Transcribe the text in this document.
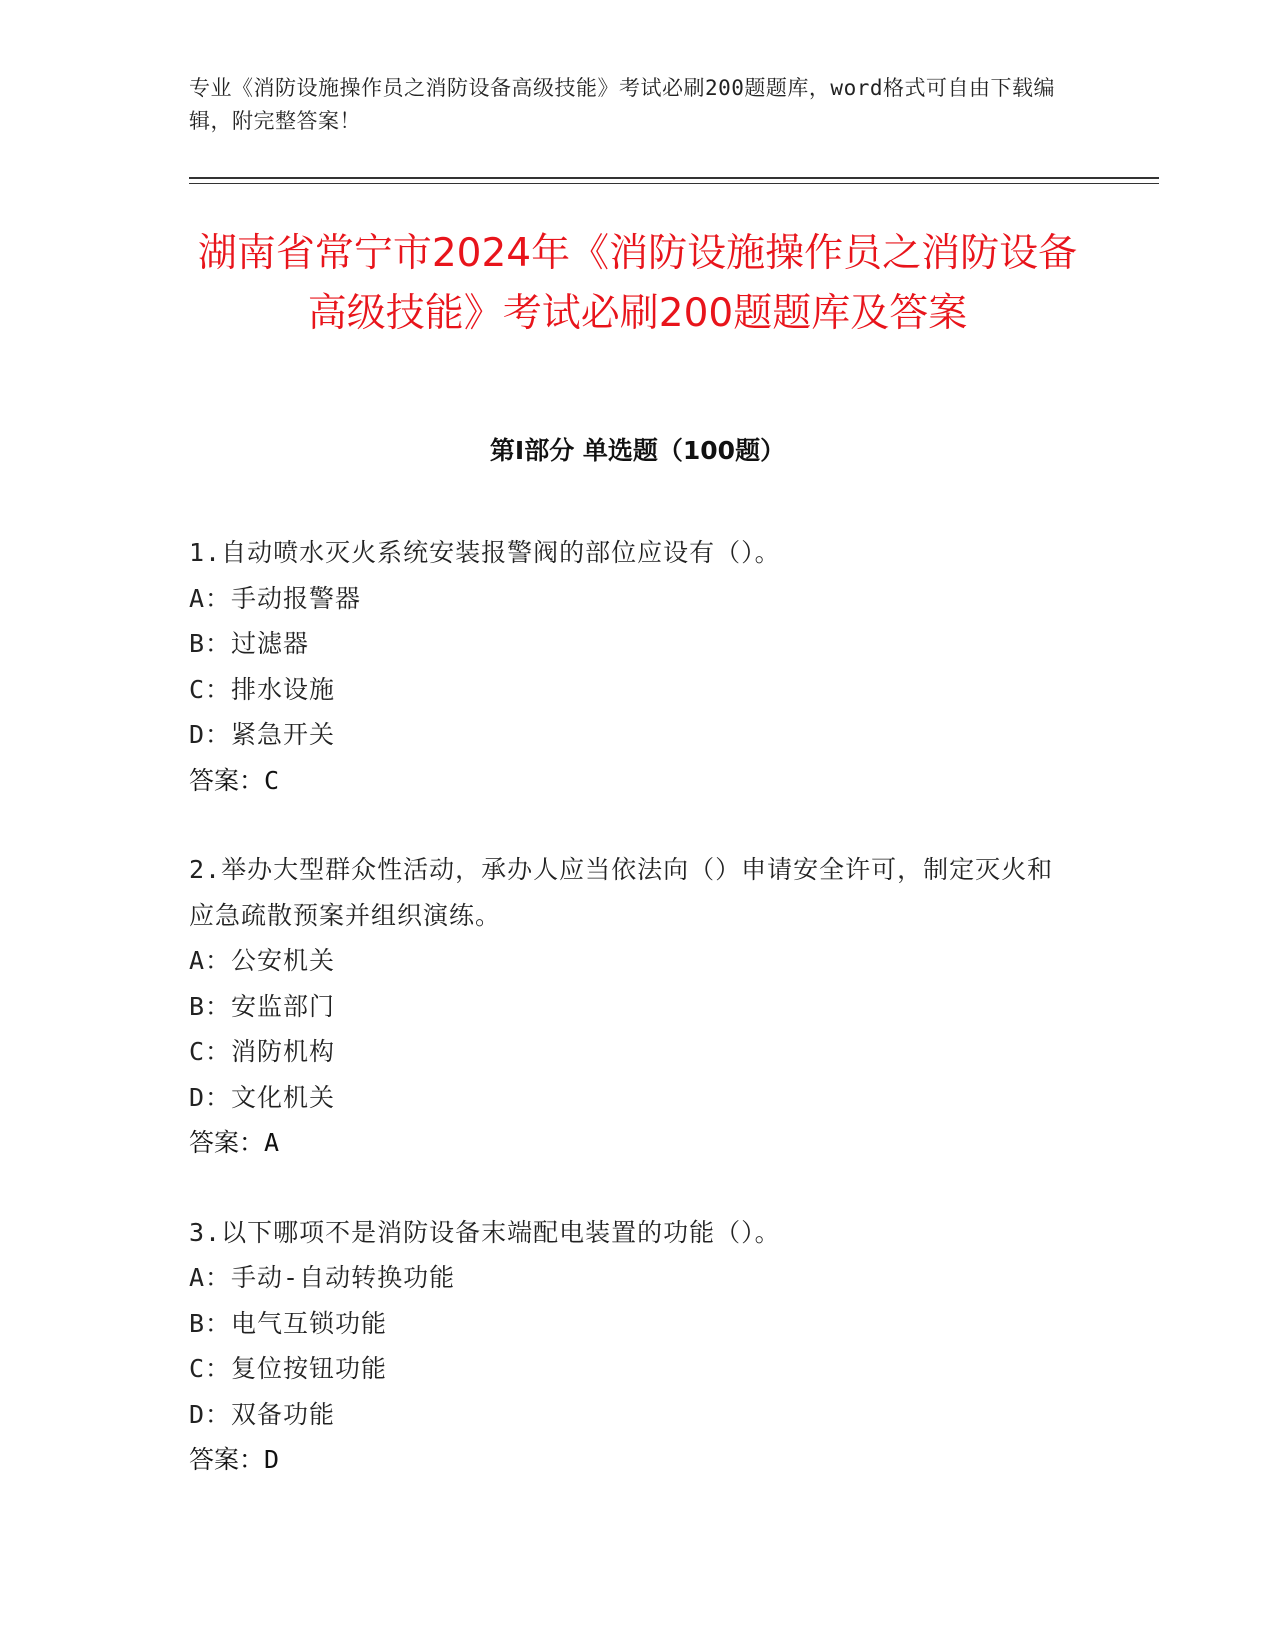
专业《消防设施操作员之消防设备高级技能》考试必刷200题题库，word格式可自由下载编辑，附完整答案！
湖南省常宁市2024年《消防设施操作员之消防设备高级技能》考试必刷200题题库及答案
第Ⅰ部分 单选题（100题）
1.自动喷水灭火系统安装报警阀的部位应设有（）。
A：手动报警器
B：过滤器
C：排水设施
D：紧急开关
答案：C
2.举办大型群众性活动，承办人应当依法向（）申请安全许可，制定灭火和应急疏散预案并组织演练。
A：公安机关
B：安监部门
C：消防机构
D：文化机关
答案：A
3.以下哪项不是消防设备末端配电装置的功能（）。
A：手动-自动转换功能
B：电气互锁功能
C：复位按钮功能
D：双备功能
答案：D
